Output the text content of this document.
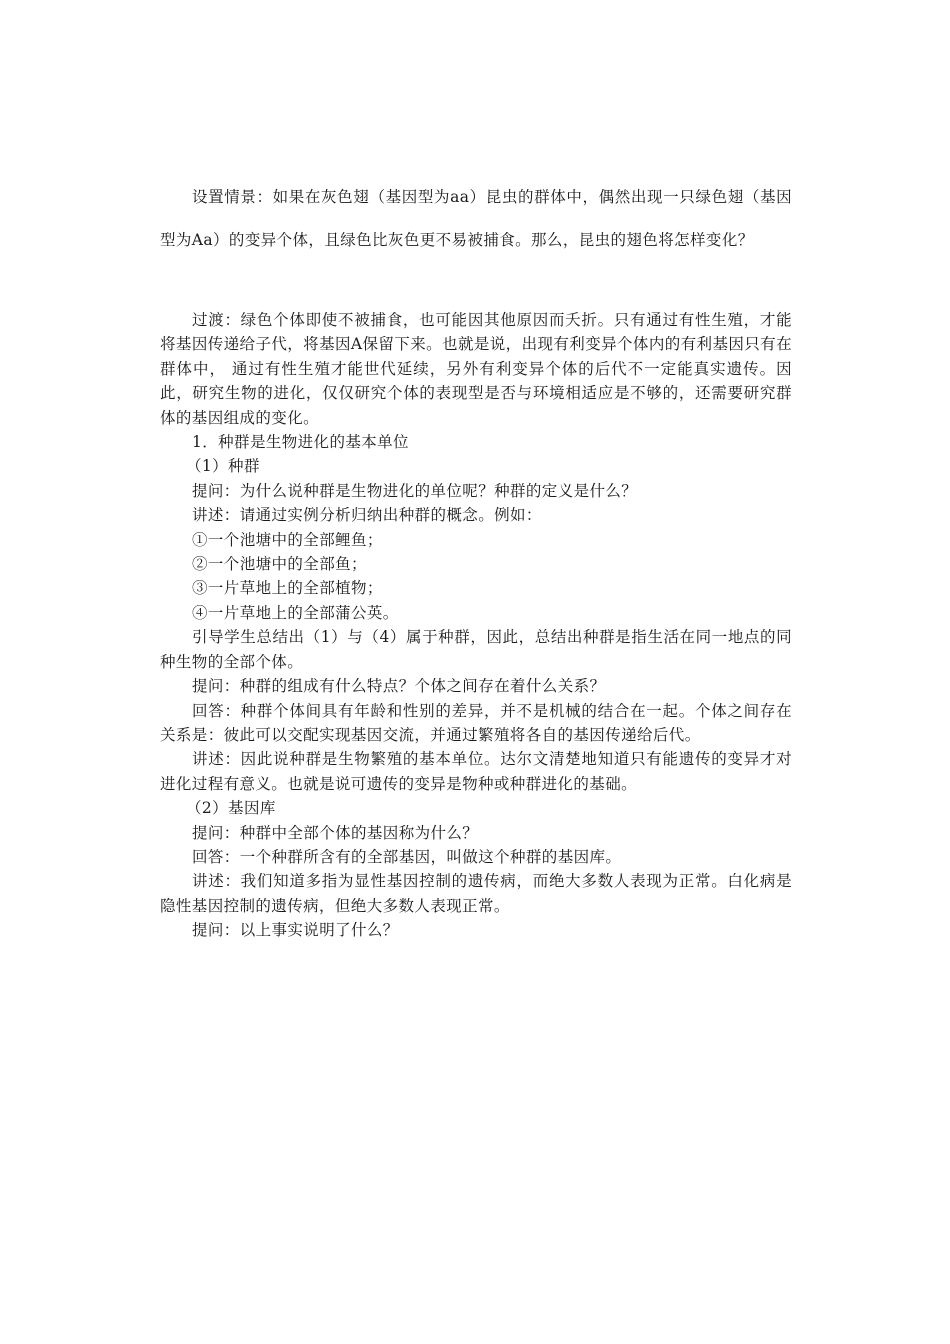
设置情景：如果在灰色翅（基因型为aa）昆虫的群体中，偶然出现一只绿色翅（基因型为Aa）的变异个体，且绿色比灰色更不易被捕食。那么，昆虫的翅色将怎样变化？

过渡：绿色个体即使不被捕食，也可能因其他原因而夭折。只有通过有性生殖，才能将基因传递给子代，将基因A保留下来。也就是说，出现有利变异个体内的有利基因只有在群体中， 通过有性生殖才能世代延续，另外有利变异个体的后代不一定能真实遗传。因此，研究生物的进化，仅仅研究个体的表现型是否与环境相适应是不够的，还需要研究群体的基因组成的变化。

1．种群是生物进化的基本单位

（1）种群

提问：为什么说种群是生物进化的单位呢？种群的定义是什么？

讲述：请通过实例分析归纳出种群的概念。例如：

①一个池塘中的全部鲤鱼；

②一个池塘中的全部鱼；

③一片草地上的全部植物；

④一片草地上的全部蒲公英。

引导学生总结出（1）与（4）属于种群，因此，总结出种群是指生活在同一地点的同种生物的全部个体。

提问：种群的组成有什么特点？个体之间存在着什么关系？

回答：种群个体间具有年龄和性别的差异，并不是机械的结合在一起。个体之间存在关系是：彼此可以交配实现基因交流，并通过繁殖将各自的基因传递给后代。

讲述：因此说种群是生物繁殖的基本单位。达尔文清楚地知道只有能遗传的变异才对进化过程有意义。也就是说可遗传的变异是物种或种群进化的基础。

（2）基因库

提问：种群中全部个体的基因称为什么？

回答：一个种群所含有的全部基因，叫做这个种群的基因库。

讲述：我们知道多指为显性基因控制的遗传病，而绝大多数人表现为正常。白化病是隐性基因控制的遗传病，但绝大多数人表现正常。

提问：以上事实说明了什么？
